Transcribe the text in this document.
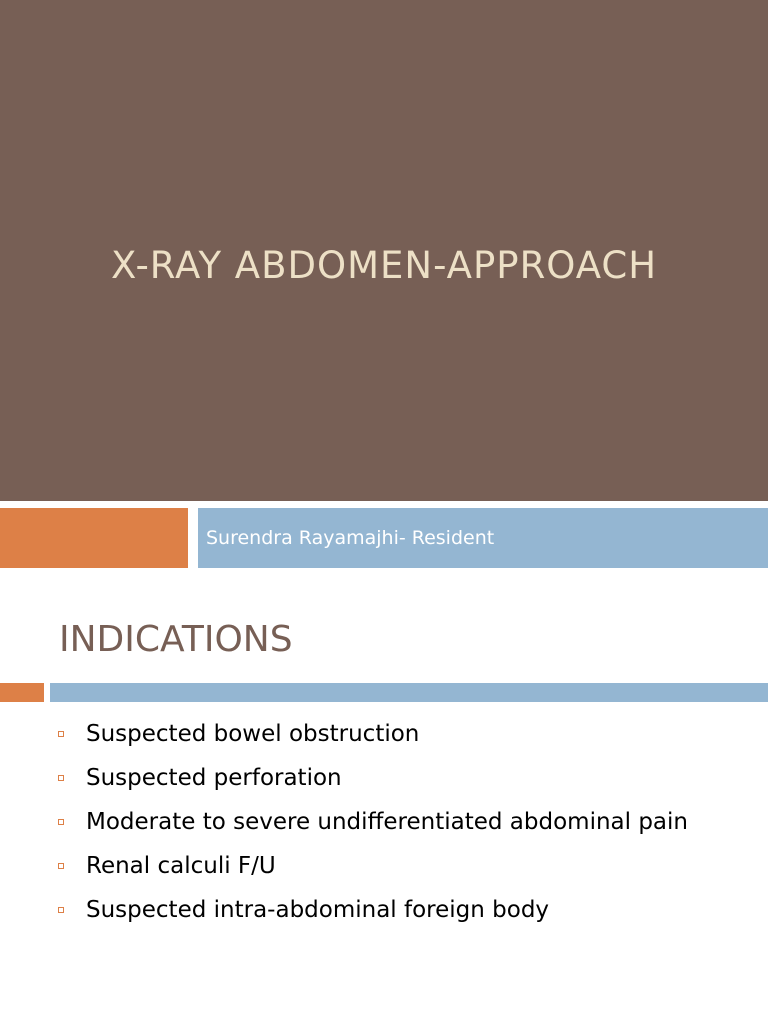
X-RAY ABDOMEN-APPROACH
Surendra Rayamajhi- Resident
INDICATIONS
Suspected bowel obstruction
Suspected perforation
Moderate to severe undifferentiated abdominal pain
Renal calculi F/U
Suspected intra-abdominal foreign body
